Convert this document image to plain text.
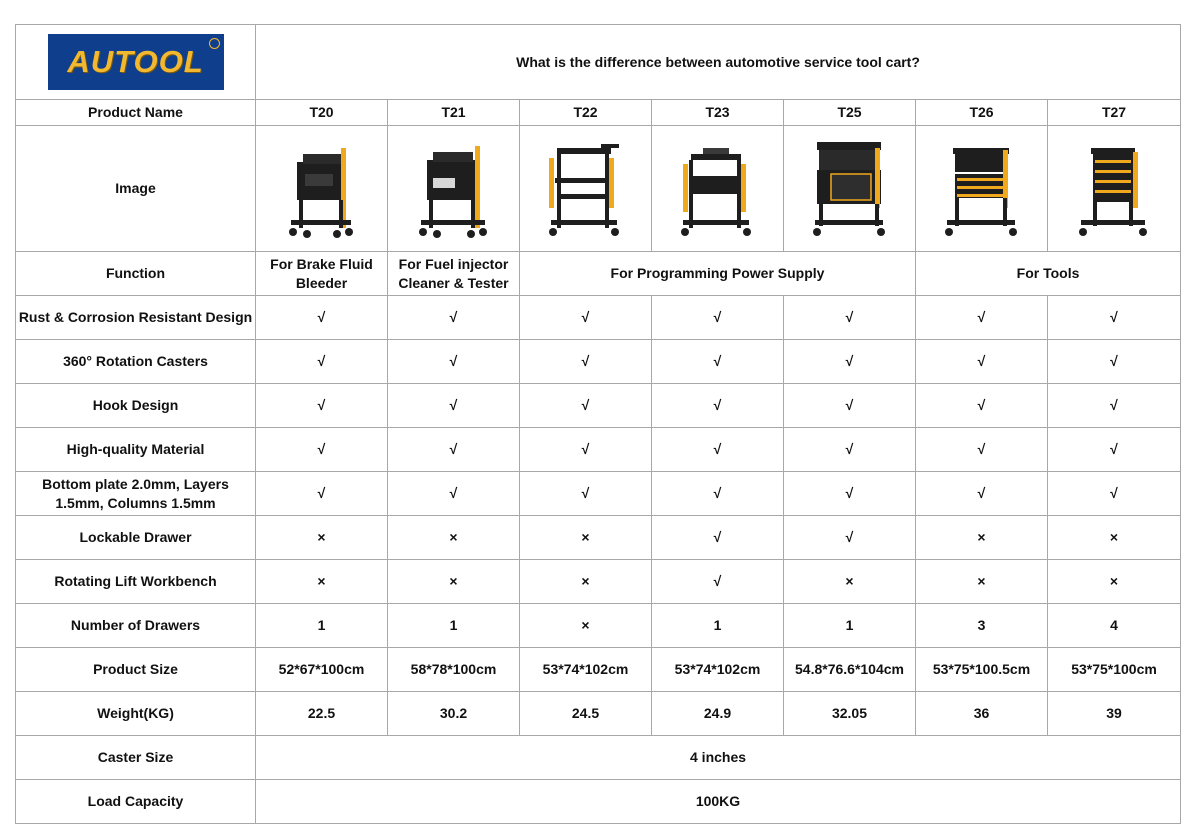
AUTOOL	What is the difference between automotive service tool cart?						
Product Name	T20	T21	T22	T23	T25	T26	T27
Image	

Function	For Brake Fluid Bleeder	For Fuel injector Cleaner & Tester	For Programming Power Supply			For Tools	
Rust & Corrosion Resistant Design	√	√	√	√	√	√	√
360° Rotation Casters	√	√	√	√	√	√	√
Hook Design	√	√	√	√	√	√	√
High-quality Material	√	√	√	√	√	√	√
Bottom plate 2.0mm, Layers 1.5mm, Columns 1.5mm	√	√	√	√	√	√	√
Lockable Drawer	×	×	×	√	√	×	×
Rotating Lift Workbench	×	×	×	√	×	×	×
Number of Drawers	1	1	×	1	1	3	4
Product Size	52*67*100cm	58*78*100cm	53*74*102cm	53*74*102cm	54.8*76.6*104cm	53*75*100.5cm	53*75*100cm
Weight(KG)	22.5	30.2	24.5	24.9	32.05	36	39
Caster Size	4 inches						
Load Capacity	100KG						
